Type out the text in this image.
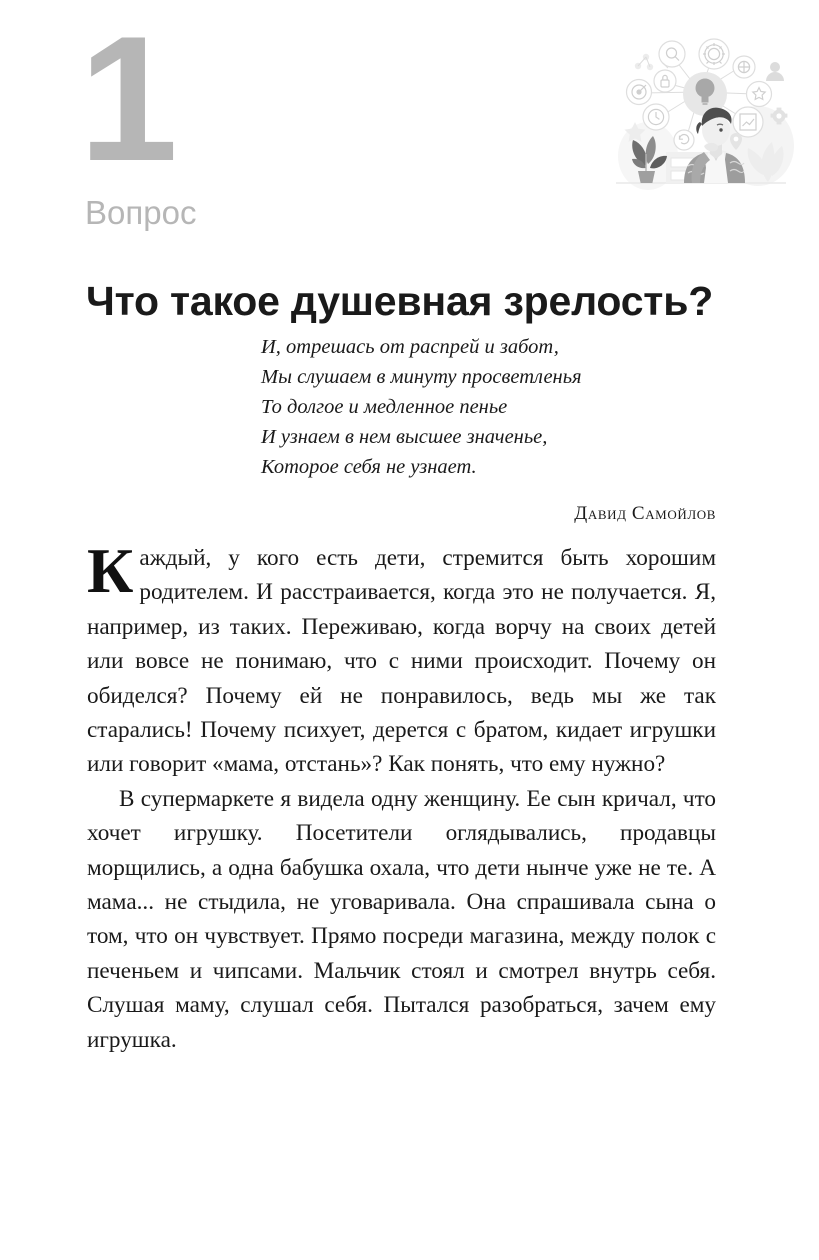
1
Вопрос
Что такое душевная зрелость?
И, отрешась от распрей и забот,
Мы слушаем в минуту просветленья
То долгое и медленное пенье
И узнаем в нем высшее значенье,
Которое себя не узнает.
Давид Самойлов

Каждый, у кого есть дети, стремится быть хорошим родителем. И расстраивается, когда это не получается. Я, например, из таких. Переживаю, когда ворчу на своих детей или вовсе не понимаю, что с ними происходит. Почему он обиделся? Почему ей не понравилось, ведь мы же так старались! Почему психует, дерется с братом, кидает игрушки или говорит «мама, отстань»? Как понять, что ему нужно?

В супермаркете я видела одну женщину. Ее сын кричал, что хочет игрушку. Посетители оглядывались, продавцы морщились, а одна бабушка охала, что дети нынче уже не те. А мама... не стыдила, не уговаривала. Она спрашивала сына о том, что он чувствует. Прямо посреди магазина, между полок с печеньем и чипсами. Мальчик стоял и смотрел внутрь себя. Слушая маму, слушал себя. Пытался разобраться, зачем ему игрушка.
